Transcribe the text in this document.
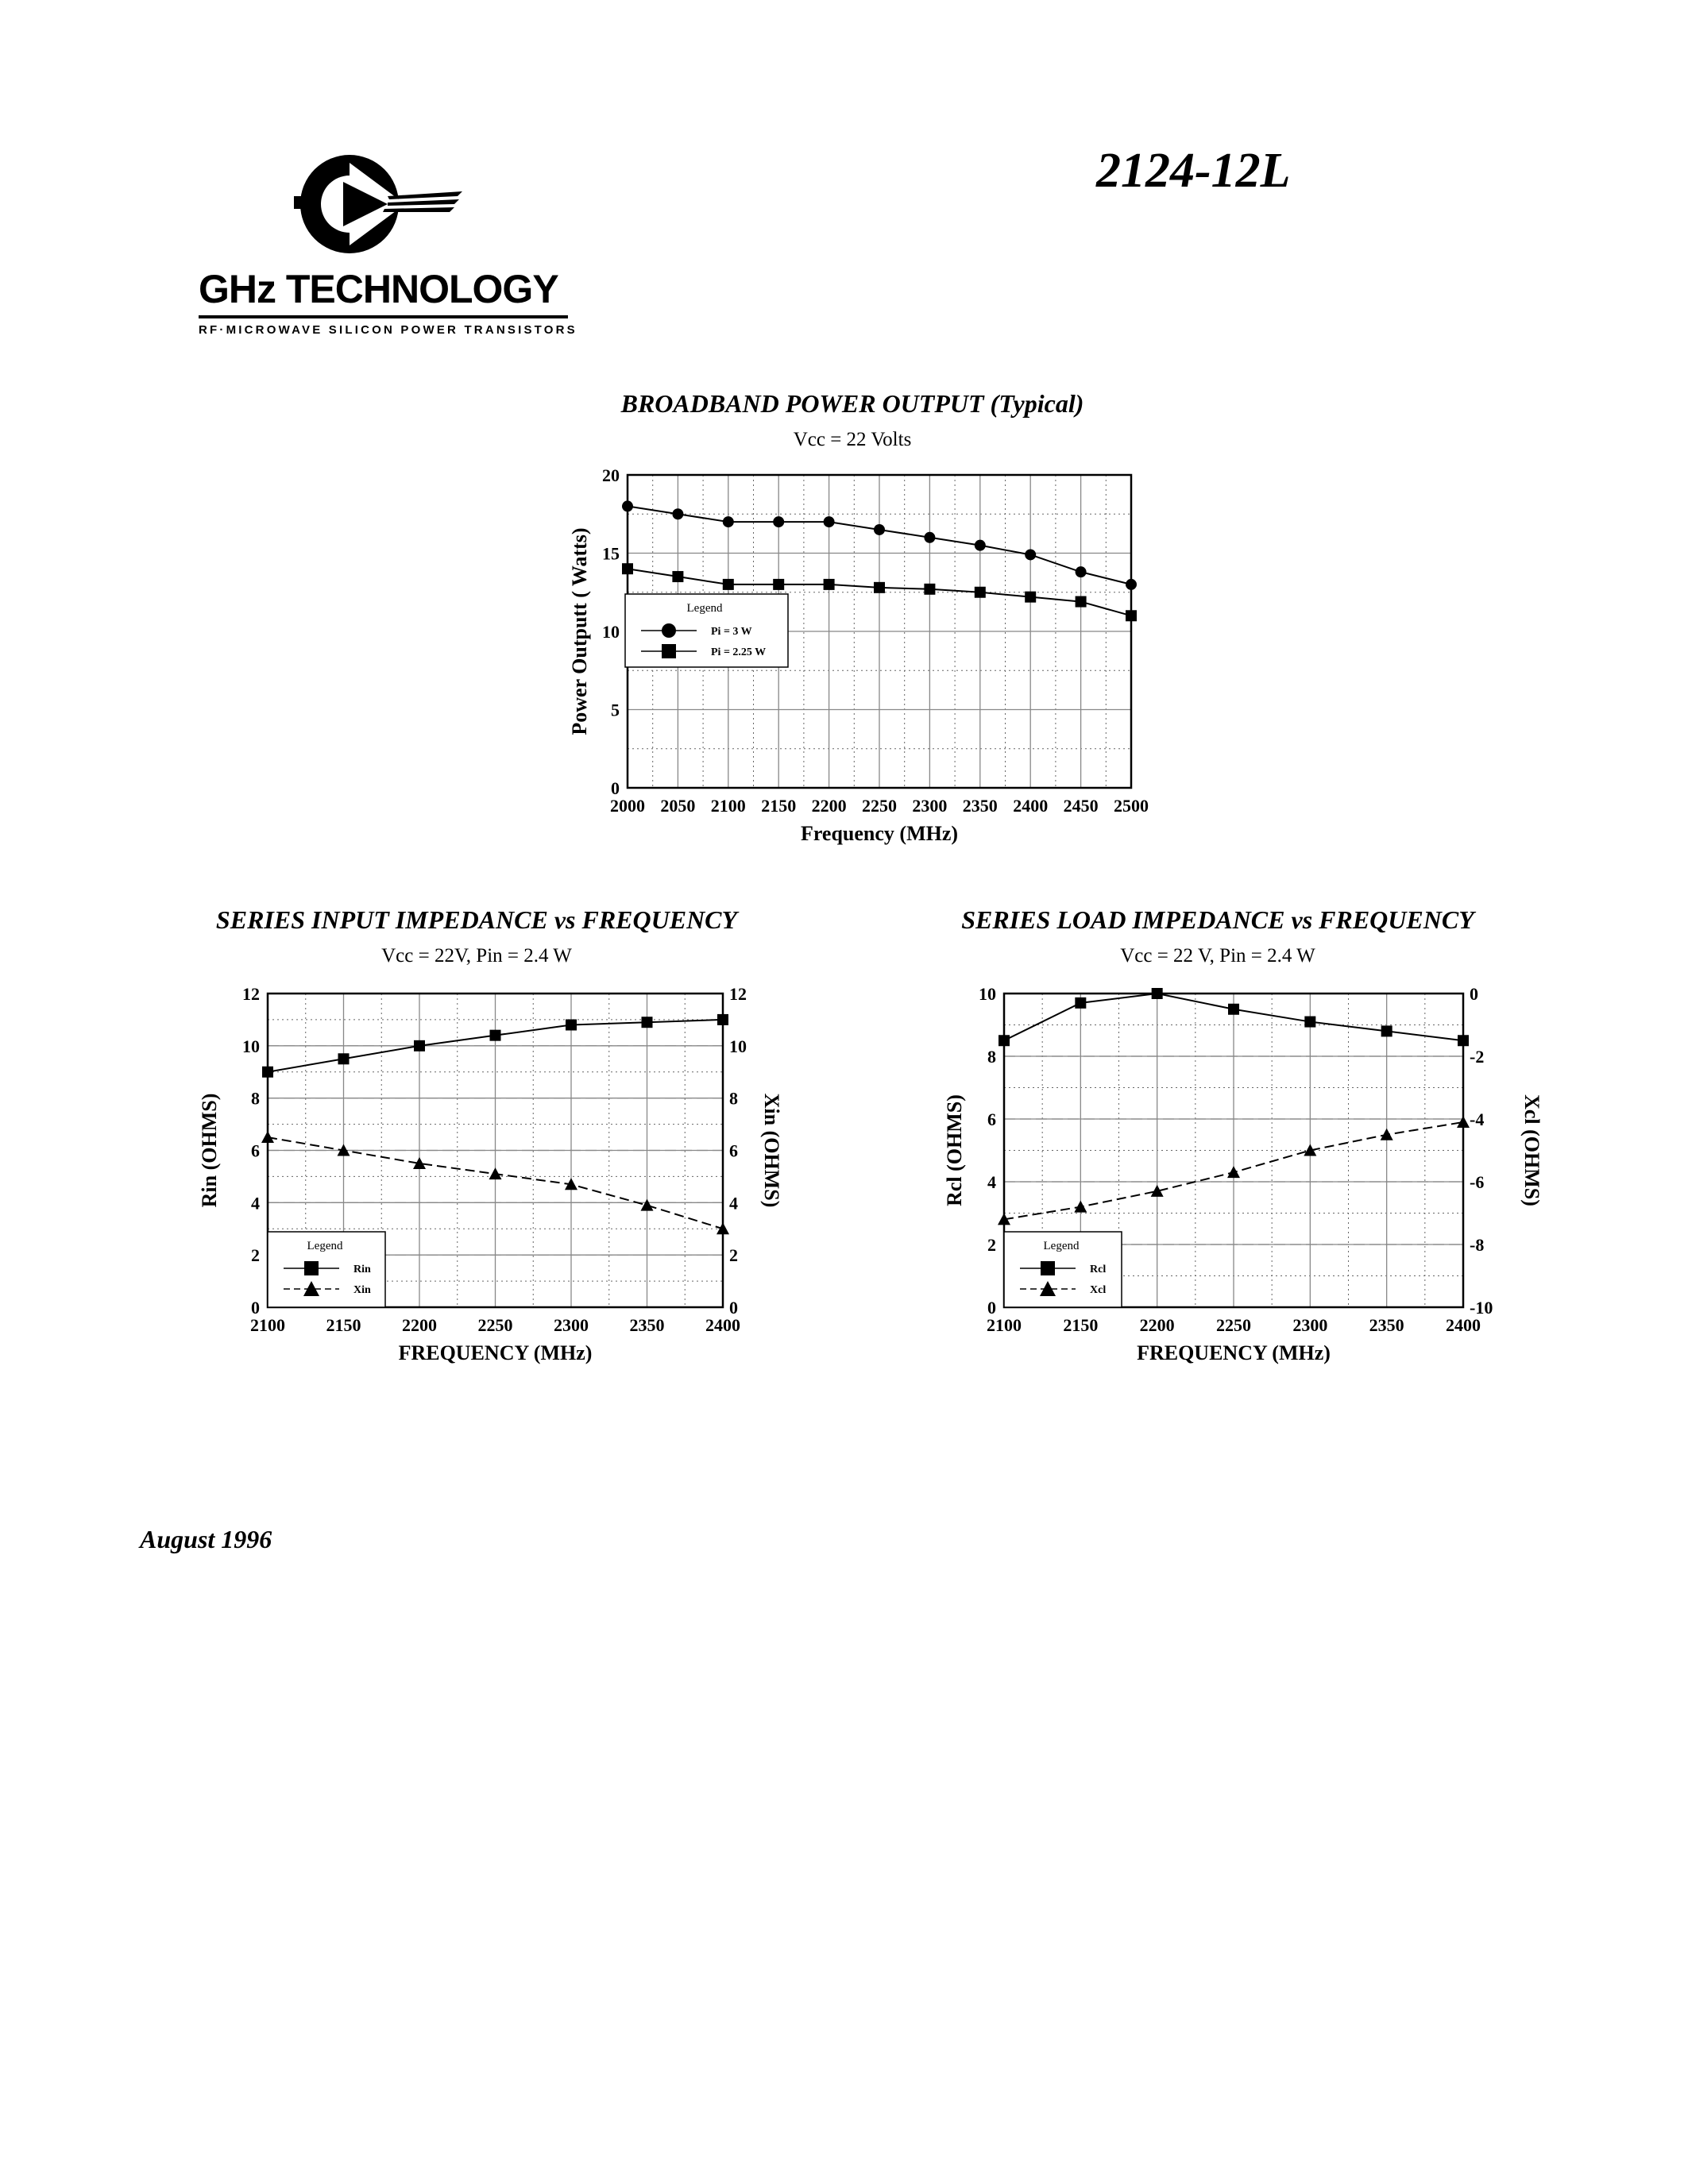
GHz TECHNOLOGY
RF·MICROWAVE SILICON POWER TRANSISTORS
2124-12L
BROADBAND POWER OUTPUT (Typical)
Vcc = 22 Volts
2000 2050 2100 2150 2200 2250 2300 2350 2400 2450 2500
0
5
10
15
20
Frequency (MHz)
Power Outputt ( Watts)	Legend
Pi = 3 W
Pi = 2.25 W
SERIES INPUT IMPEDANCE vs FREQUENCY
Vcc = 22V, Pin = 2.4 W
2100 2150 2200 2250 2300 2350 2400
0
2
4
6
8
10
12
0
2
4
6
8
10
12
FREQUENCY (MHz)
Rin (OHMS)	Xin (OHMS)
Legend
Rin
Xin
SERIES LOAD IMPEDANCE vs FREQUENCY
Vcc = 22 V, Pin = 2.4 W
2100 2150 2200 2250 2300 2350 2400
0
2
4
6
8
10
-10
-8
-6
-4
-2
0
FREQUENCY (MHz)
Rcl (OHMS)	Xcl (OHMS)
Legend
Rcl
Xcl
August 1996
